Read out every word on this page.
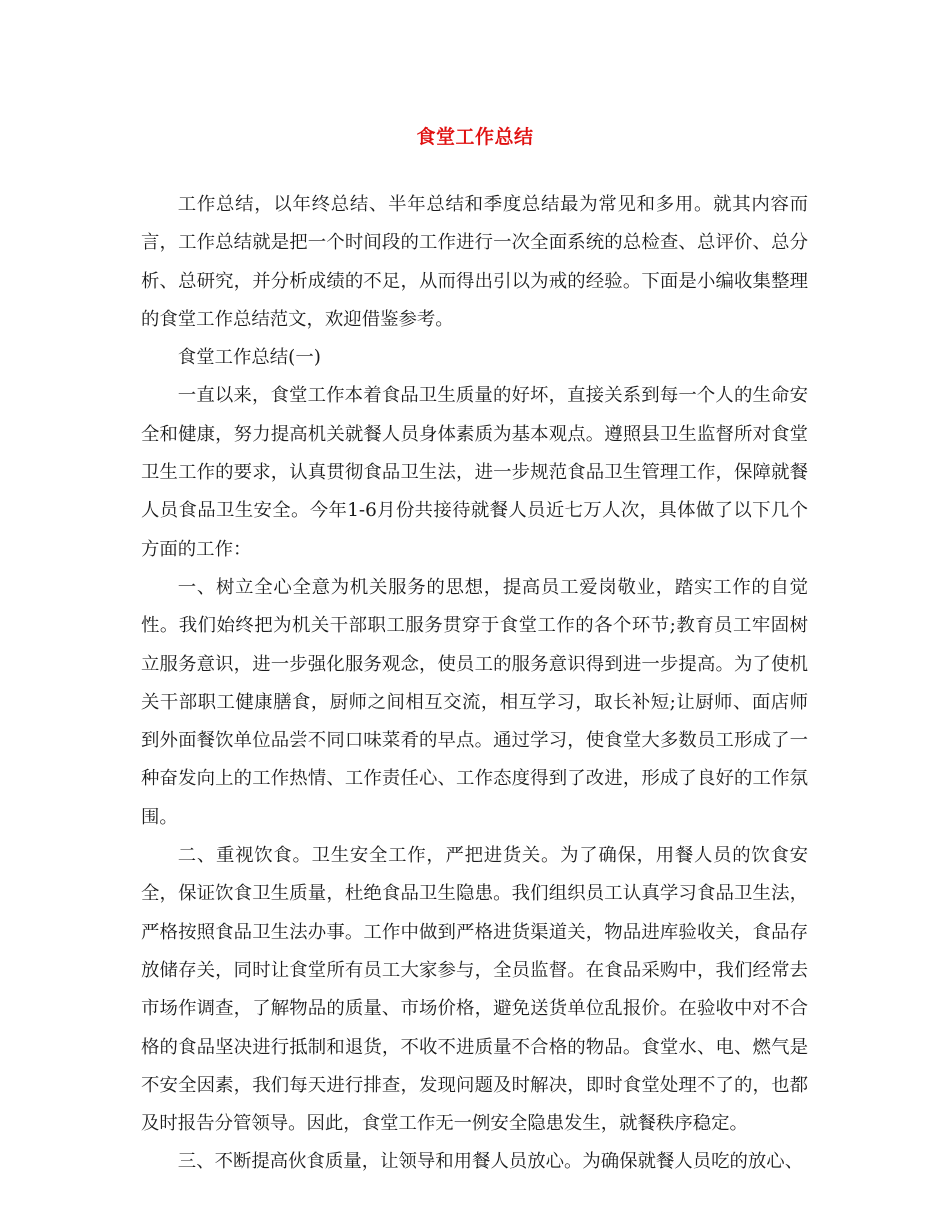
食堂工作总结

工作总结，以年终总结、半年总结和季度总结最为常见和多用。就其内容而言，工作总结就是把一个时间段的工作进行一次全面系统的总检查、总评价、总分析、总研究，并分析成绩的不足，从而得出引以为戒的经验。下面是小编收集整理的食堂工作总结范文，欢迎借鉴参考。

食堂工作总结(一)

一直以来，食堂工作本着食品卫生质量的好坏，直接关系到每一个人的生命安全和健康，努力提高机关就餐人员身体素质为基本观点。遵照县卫生监督所对食堂卫生工作的要求，认真贯彻食品卫生法，进一步规范食品卫生管理工作，保障就餐人员食品卫生安全。今年1-6月份共接待就餐人员近七万人次，具体做了以下几个方面的工作：

一、树立全心全意为机关服务的思想，提高员工爱岗敬业，踏实工作的自觉性。我们始终把为机关干部职工服务贯穿于食堂工作的各个环节;教育员工牢固树立服务意识，进一步强化服务观念，使员工的服务意识得到进一步提高。为了使机关干部职工健康膳食，厨师之间相互交流，相互学习，取长补短;让厨师、面店师到外面餐饮单位品尝不同口味菜肴的早点。通过学习，使食堂大多数员工形成了一种奋发向上的工作热情、工作责任心、工作态度得到了改进，形成了良好的工作氛围。

二、重视饮食。卫生安全工作，严把进货关。为了确保，用餐人员的饮食安全，保证饮食卫生质量，杜绝食品卫生隐患。我们组织员工认真学习食品卫生法，严格按照食品卫生法办事。工作中做到严格进货渠道关，物品进库验收关，食品存放储存关，同时让食堂所有员工大家参与，全员监督。在食品采购中，我们经常去市场作调查，了解物品的质量、市场价格，避免送货单位乱报价。在验收中对不合格的食品坚决进行抵制和退货，不收不进质量不合格的物品。食堂水、电、燃气是不安全因素，我们每天进行排查，发现问题及时解决，即时食堂处理不了的，也都及时报告分管领导。因此，食堂工作无一例安全隐患发生，就餐秩序稳定。

三、不断提高伙食质量，让领导和用餐人员放心。为确保就餐人员吃的放心、
